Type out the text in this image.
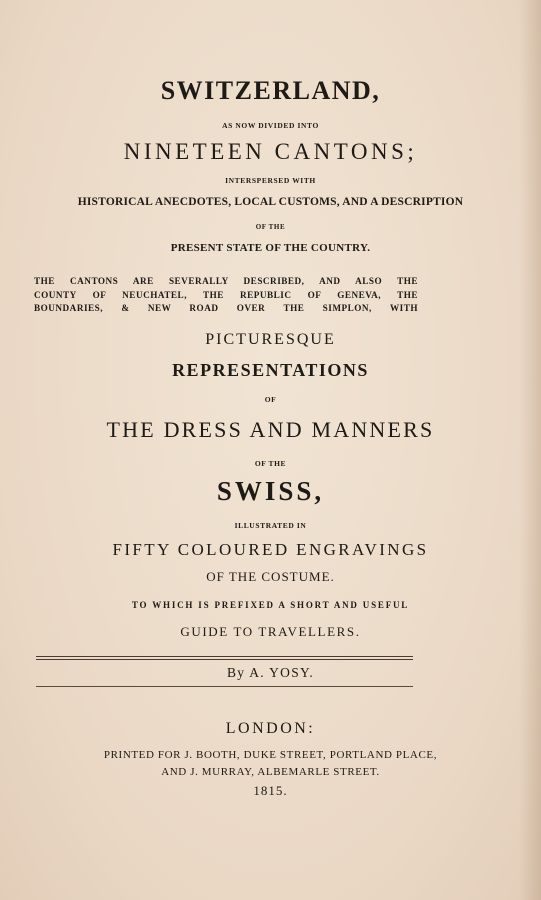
SWITZERLAND,
AS NOW DIVIDED INTO
NINETEEN CANTONS;
INTERSPERSED WITH
HISTORICAL ANECDOTES, LOCAL CUSTOMS, AND A DESCRIPTION
OF THE
PRESENT STATE OF THE COUNTRY.
THE CANTONS ARE SEVERALLY DESCRIBED, AND ALSO THE
COUNTY OF NEUCHATEL, THE REPUBLIC OF GENEVA, THE
BOUNDARIES, & NEW ROAD OVER THE SIMPLON, WITH
PICTURESQUE
REPRESENTATIONS
OF
THE DRESS AND MANNERS
OF THE
SWISS,
ILLUSTRATED IN
FIFTY COLOURED ENGRAVINGS
OF THE COSTUME.
TO WHICH IS PREFIXED A SHORT AND USEFUL
GUIDE TO TRAVELLERS.
By A. YOSY.
LONDON:
PRINTED FOR J. BOOTH, DUKE STREET, PORTLAND PLACE,
AND J. MURRAY, ALBEMARLE STREET.
1815.
